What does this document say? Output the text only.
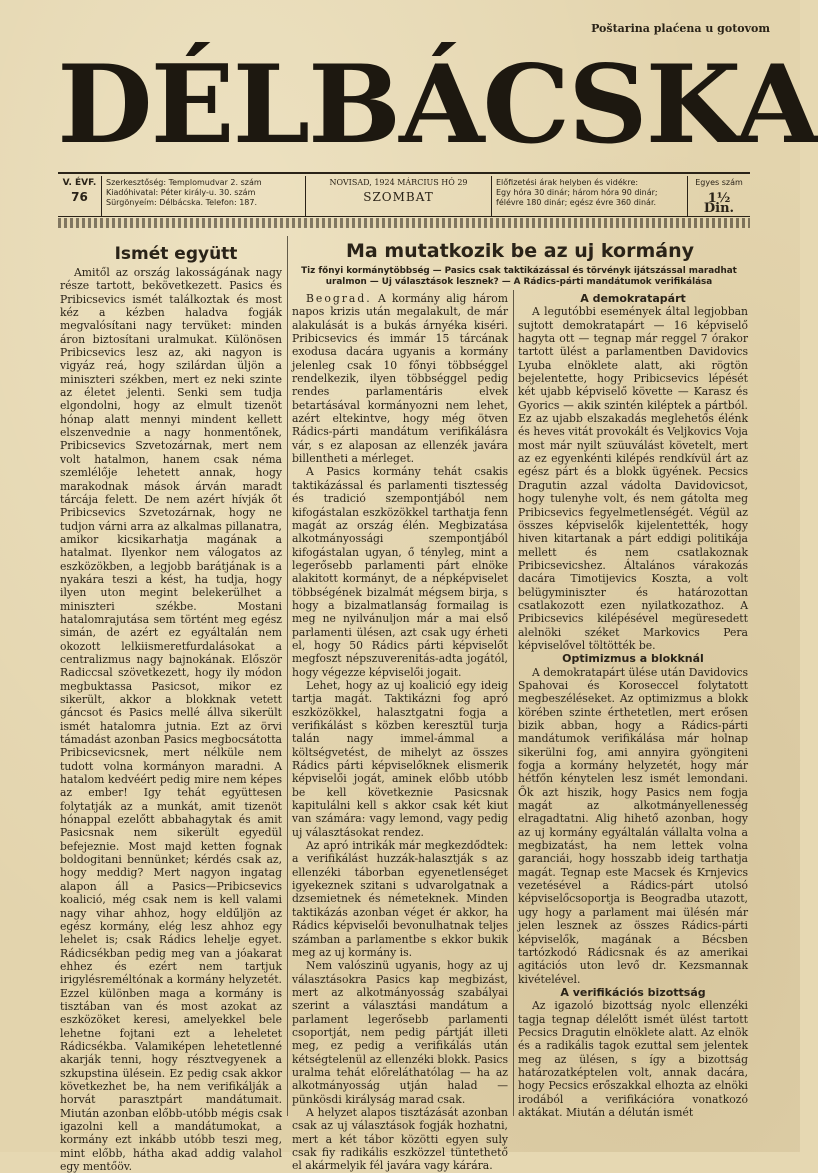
Poštarina plaćena u gotovom
DÉLBÁCSKA
V. ÉVF.
76
Szerkesztőség: Templomudvar 2. szám
Kiadóhivatal: Péter király-u. 30. szám
Sürgönyeím: Délbácska. Telefon: 187.
NOVISAD, 1924 MÁRCIUS HÓ 29
SZOMBAT
Előfizetési árak helyben és vidékre:
Egy hóra 30 dinár; három hóra 90 dinár;
félévre 180 dinár; egész évre 360 dinár.
Egyes szám
1½ Din.
Ismét együtt

Amitől az ország lakosságának nagy része tartott, bekövetkezett. Pasics és Pribicsevics ismét találkoztak és most kéz a kézben haladva fogják megvalósítani nagy tervüket: minden áron biztosítani uralmukat. Különösen Pribicsevics lesz az, aki nagyon is vigyáz reá, hogy szilárdan üljön a miniszteri székben, mert ez neki szinte az életet jelenti. Senki sem tudja elgondolni, hogy az elmult tizenöt hónap alatt mennyi mindent kellett elszenvednie a nagy honmentőnek, Pribicsevics Szvetozárnak, mert nem volt hatalmon, hanem csak néma szemlélője lehetett annak, hogy marakodnak mások árván maradt tárcája felett. De nem azért hívják őt Pribicsevics Szvetozárnak, hogy ne tudjon várni arra az alkalmas pillanatra, amikor kicsikarhatja magának a hatalmat. Ilyenkor nem válogatos az eszközökben, a legjobb barátjának is a nyakára teszi a kést, ha tudja, hogy ilyen uton megint belekerülhet a miniszteri székbe. Mostani hatalomrajutása sem történt meg egész simán, de azért ez egyáltalán nem okozott lelkiismeretfurdalásokat a centralizmus nagy bajnokának. Először Radiccsal szövetkezett, hogy ily módon megbuktassa Pasicsot, mikor ez sikerült, akkor a blokknak vetett gáncsot és Pasics mellé állva sikerült ismét hatalomra jutnia. Ezt az örvi támadást azonban Pasics megbocsátotta Pribicsevicsnek, mert nélküle nem tudott volna kormányon maradni. A hatalom kedvéért pedig mire nem képes az ember! Igy tehát együttesen folytatják az a munkát, amit tizenöt hónappal ezelőtt abbahagytak és amit Pasicsnak nem sikerült egyedül befejeznie. Most majd ketten fognak boldogitani bennünket; kérdés csak az, hogy meddig? Mert nagyon ingatag alapon áll a Pasics—Pribicsevics koalició, még csak nem is kell valami nagy vihar ahhoz, hogy eldűljön az egész kormány, elég lesz ahhoz egy lehelet is; csak Rádics lehelje egyet. Rádicsékban pedig meg van a jóakarat ehhez és ezért nem tartjuk irigylésreméltónak a kormány helyzetét. Ezzel különben maga a kormány is tisztában van és most azokat az eszközöket keresi, amelyekkel bele lehetne fojtani ezt a leheletet Rádicsékba. Valamiképen lehetetlenné akarják tenni, hogy résztvegyenek a szkupstina ülésein. Ez pedig csak akkor következhet be, ha nem verifikálják a horvát parasztpárt mandátumait. Miután azonban előbb-utóbb mégis csak igazolni kell a mandátumokat, a kormány ezt inkább utóbb teszi meg, mint előbb, hátha akad addig valahol egy mentőöv.

Ma mutatkozik be az uj kormány
Tiz főnyi kormánytöbbség — Pasics csak taktikázással és törvényk ijátszással maradhat uralmon — Uj választások lesznek? — A Rádics-párti mandátumok verifikálása

Beograd. A kormány alig három napos krizis után megalakult, de már alakulását is a bukás árnyéka kiséri. Pribicsevics és immár 15 tárcának exodusa dacára ugyanis a kormány jelenleg csak 10 főnyi többséggel rendelkezik, ilyen többséggel pedig rendes parlamentáris elvek betartásával kormányozni nem lehet, azért eltekintve, hogy még ötven Rádics-párti mandátum verifikálásra vár, s ez alaposan az ellenzék javára billentheti a mérleget.

A Pasics kormány tehát csakis taktikázással és parlamenti tisztesség és tradició szempontjából nem kifogástalan eszközökkel tarthatja fenn magát az ország élén. Megbizatása alkotmányossági szempontjából kifogástalan ugyan, ő tényleg, mint a legerősebb parlamenti párt elnöke alakitott kormányt, de a népképviselet többségének bizalmát mégsem birja, s hogy a bizalmatlanság formailag is meg ne nyilvánuljon már a mai első parlamenti ülésen, azt csak ugy érheti el, hogy 50 Rádics párti képviselőt megfoszt népszuverenitás-adta jogától, hogy végezze képviselői jogait.

Lehet, hogy az uj koalició egy ideig tartja magát. Taktikázni fog apró eszközökkel, halasztgatni fogja a verifikálást s közben keresztül turja talán nagy immel-ámmal a költségvetést, de mihelyt az összes Rádics párti képviselőknek elismerik képviselői jogát, aminek előbb utóbb be kell következnie Pasicsnak kapitulálni kell s akkor csak két kiut van számára: vagy lemond, vagy pedig uj választásokat rendez.

Az apró intrikák már megkezdődtek: a verifikálást huzzák-halasztják s az ellenzéki táborban egyenetlenséget igyekeznek szitani s udvarolgatnak a dzsemietnek és németeknek. Minden taktikázás azonban véget ér akkor, ha Rádics képviselői bevonulhatnak teljes számban a parlamentbe s ekkor bukik meg az uj kormány is.

Nem valószinü ugyanis, hogy az uj választásokra Pasics kap megbizást, mert az alkotmányosság szabályai szerint a választási mandátum a parlament legerősebb parlamenti csoportját, nem pedig pártját illeti meg, ez pedig a verifikálás után kétségtelenül az ellenzéki blokk. Pasics uralma tehát előreláthatólag — ha az alkotmányosság utján halad — pünkösdi királyság marad csak.

A helyzet alapos tisztázását azonban csak az uj választások fogják hozhatni, mert a két tábor közötti egyen suly csak fiy radikális eszközzel tüntethető el akármelyik fél javára vagy kárára.

A demokratapárt

A legutóbbi események által legjobban sujtott demokratapárt — 16 képviselő hagyta ott — tegnap már reggel 7 órakor tartott ülést a parlamentben Davidovics Lyuba elnöklete alatt, aki rögtön bejelentette, hogy Pribicsevics lépését két ujabb képviselő követte — Karasz és Gyorics — akik szintén kiléptek a pártból. Ez az ujabb elszakadás meglehetős élénk és heves vitát provokált és Veljkovics Voja most már nyilt szüuválást követelt, mert az ez egyenkénti kilépés rendkívül árt az egész párt és a blokk ügyének. Pecsics Dragutin azzal vádolta Davidovicsot, hogy tulenyhe volt, és nem gátolta meg Pribicsevics fegyelmetlenségét. Végül az összes képviselők kijelentették, hogy hiven kitartanak a párt eddigi politikája mellett és nem csatlakoznak Pribicsevicshez. Általános várakozás dacára Timotijevics Koszta, a volt belügyminiszter és határozottan csatlakozott ezen nyilatkozathoz. A Pribicsevics kilépésével megüresedett alelnöki széket Markovics Pera képviselővel töltötték be.

Optimizmus a blokknál

A demokratapárt ülése után Davidovics Spahovai és Koroseccel folytatott megbeszéléseket. Az optimizmus a blokk körében szinte érthetetlen, mert erősen bizik abban, hogy a Rádics-párti mandátumok verifikálása már holnap sikerülni fog, ami annyira gyöngiteni fogja a kormány helyzetét, hogy már hétfőn kénytelen lesz ismét lemondani. Ők azt hiszik, hogy Pasics nem fogja magát az alkotmányellenesség elragadtatni. Alig hihető azonban, hogy az uj kormány egyáltalán vállalta volna a megbizatást, ha nem lettek volna garanciái, hogy hosszabb ideig tarthatja magát. Tegnap este Macsek és Krnjevics vezetésével a Rádics-párt utolsó képviselőcsoportja is Beogradba utazott, ugy hogy a parlament mai ülésén már jelen lesznek az összes Rádics-párti képviselők, magának a Bécsben tartózkodó Rádicsnak és az amerikai agitációs uton levő dr. Kezsmannak kivételével.

A verifikációs bizottság

Az igazoló bizottság nyolc ellenzéki tagja tegnap délelőtt ismét ülést tartott Pecsics Dragutin elnöklete alatt. Az elnök és a radikális tagok ezuttal sem jelentek meg az ülésen, s így a bizottság határozatképtelen volt, annak dacára, hogy Pecsics erőszakkal elhozta az elnöki irodából a verifikációra vonatkozó aktákat. Miután a délután ismét
